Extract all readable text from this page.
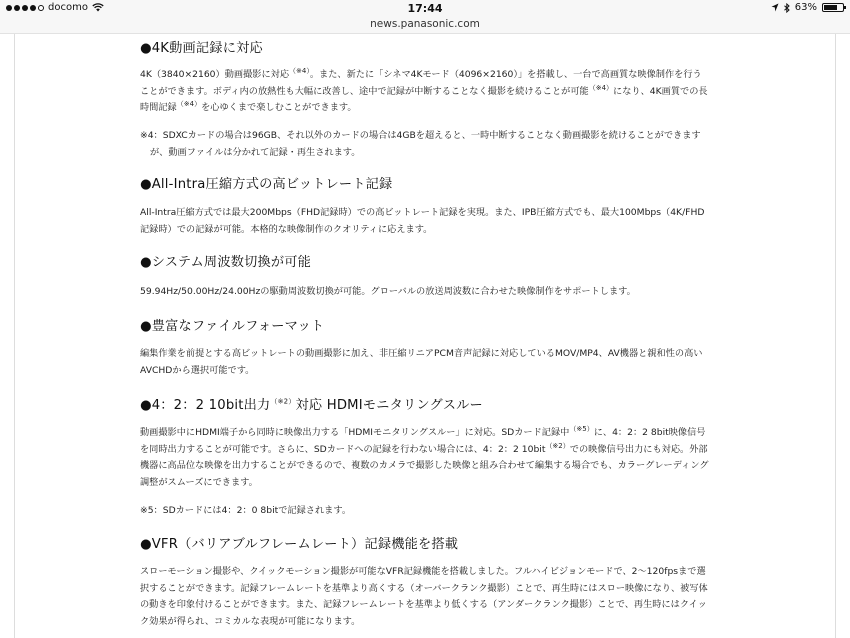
docomo	17:44	63%
news.panasonic.com
●4K動画記録に対応
4K（3840×2160）動画撮影に対応$^{(※4)}$。また、新たに「シネマ4Kモード（4096×2160）」を搭載し、一台で高画質な映像制作を行うことができます。ボディ内の放熱性も大幅に改善し、途中で記録が中断することなく撮影を続けることが可能$^{(※4)}$になり、4K画質での長時間記録$^{(※4)}$を心ゆくまで楽しむことができます。
※4：SDXCカードの場合は96GB、それ以外のカードの場合は4GBを超えると、一時中断することなく動画撮影を続けることができますが、動画ファイルは分かれて記録・再生されます。
●All-Intra圧縮方式の高ビットレート記録
All-Intra圧縮方式では最大200Mbps（FHD記録時）での高ビットレート記録を実現。また、IPB圧縮方式でも、最大100Mbps（4K/FHD記録時）での記録が可能。本格的な映像制作のクオリティに応えます。
●システム周波数切換が可能
59.94Hz/50.00Hz/24.00Hzの駆動周波数切換が可能。グローバルの放送周波数に合わせた映像制作をサポートします。
●豊富なファイルフォーマット
編集作業を前提とする高ビットレートの動画撮影に加え、非圧縮リニアPCM音声記録に対応しているMOV/MP4、AV機器と親和性の高いAVCHDから選択可能です。
●4：2：2 10bit出力$^{(※2)}$対応 HDMIモニタリングスルー
動画撮影中にHDMI端子から同時に映像出力する「HDMIモニタリングスルー」に対応。SDカード記録中$^{(※5)}$に、4：2：2 8bit映像信号を同時出力することが可能です。さらに、SDカードへの記録を行わない場合には、4：2：2 10bit$^{(※2)}$での映像信号出力にも対応。外部機器に高品位な映像を出力することができるので、複数のカメラで撮影した映像と組み合わせて編集する場合でも、カラーグレーディング調整がスムーズにできます。
※5：SDカードには4：2：0 8bitで記録されます。
●VFR（バリアブルフレームレート）記録機能を搭載
スローモーション撮影や、クイックモーション撮影が可能なVFR記録機能を搭載しました。フルハイビジョンモードで、2〜120fpsまで選択することができます。記録フレームレートを基準より高くする（オーバークランク撮影）ことで、再生時にはスロー映像になり、被写体の動きを印象付けることができます。また、記録フレームレートを基準より低くする（アンダークランク撮影）ことで、再生時にはクイック効果が得られ、コミカルな表現が可能になります。
